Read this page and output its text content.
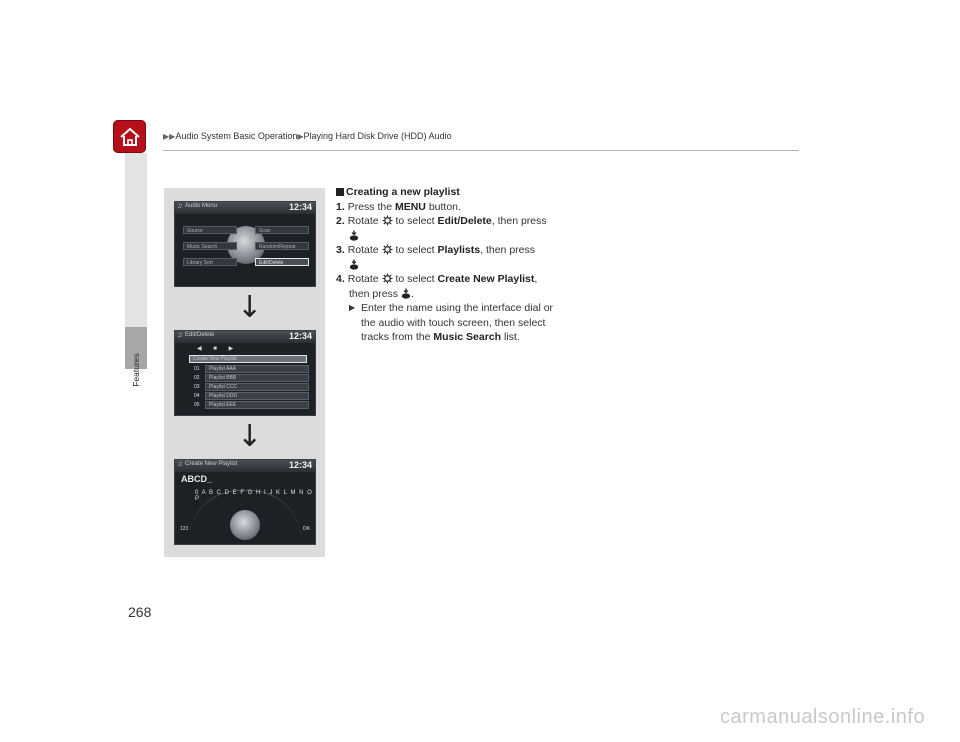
▶▶Audio System Basic Operation▶Playing Hard Disk Drive (HDD) Audio
Features
268
♫ Audio Menu	12:34
Source	Scan
Music Search	Random/Repeat
Library Sort	Edit/Delete
↓
♫ Edit/Delete	12:34
◀ ■ ▶
Create New Playlist
01	Playlist AAA
02	Playlist BBB
03	Playlist CCC
04	Playlist DDD
05	Playlist EEE
↓
♫ Create New Playlist	12:34
ABCD_
0 A B C D E F G H I J K L M N O P
123	OK
Creating a new playlist
1. Press the MENU button.
2. Rotate to select Edit/Delete, then press
3. Rotate to select Playlists, then press
4. Rotate to select Create New Playlist,
then press .
▶ Enter the name using the interface dial or the audio with touch screen, then select tracks from the Music Search list.
carmanualsonline.info
